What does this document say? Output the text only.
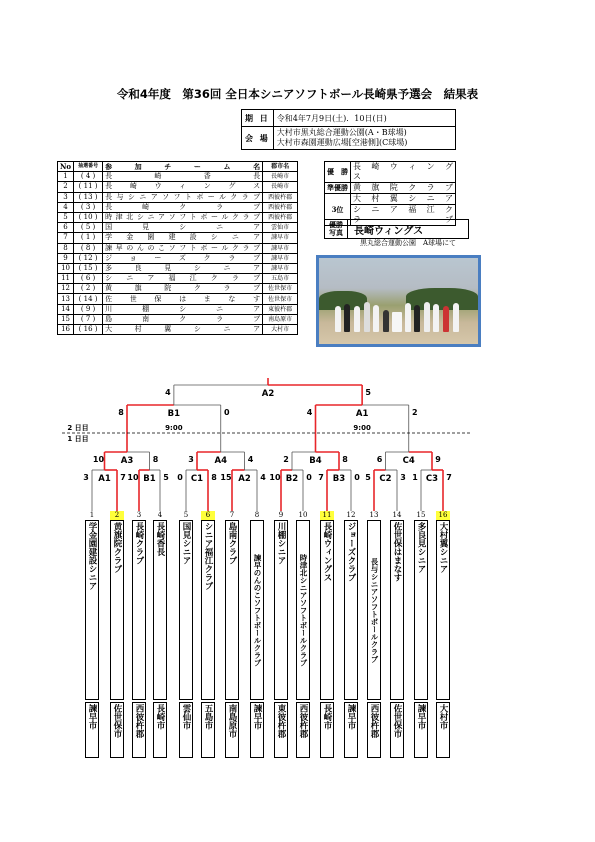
令和4年度　第36回 全日本シニアソフトボール長崎県予選会　結果表
期 日	令和4年7月9日(土)．10日(日)
会 場	大村市黒丸総合運動公園(A・B球場)
大村市森園運動広場[空港側](C球場)
No	抽選番号	参　加　チ　ー　ム　名	郡市名
1	( 4 )	長　崎　香　長	長崎市
2	( 11 )	長崎ウィングス	長崎市
3	( 13 )	長与シニアソフトボールクラブ	西彼杵郡
4	( 3 )	長　崎　ク　ラ　ブ	西彼杵郡
5	( 10 )	時津北シニアソフトボールクラブ	西彼杵郡
6	( 5 )	国　見　シ　ニ　ア	雲仙市
7	( 1 )	学　金　園　建　設　シ　ニ　ア	諫早市
8	( 8 )	諫早のんのこソフトボールクラブ	諫早市
9	( 12 )	ジョーズクラブ	諫早市
10	( 15 )	多　良　見　シ　ニ　ア	諫早市
11	( 6 )	シニア福江クラブ	五島市
12	( 2 )	黄　旗　院　ク　ラ　ブ	佐世保市
13	( 14 )	佐　世　保　は　ま　な　す	佐世保市
14	( 9 )	川　棚　シ　ニ　ア	東彼杵郡
15	( 7 )	島　南　ク　ラ　ブ	南島原市
16	( 16 )	大　村　翼　シ　ニ　ア	大村市
優　勝	長　崎　ウ　ィ　ン　グ　ス
準優勝	黄　旗　院　ク　ラ　ブ
3位	大　村　翼　シ　ニ　ア
	シ　ニ　ア　福　江　ク　ラ　ブ
優勝写真	長崎ウィングス
黒丸総合運動公園　A球場にて
3	7
A1 10	5
B1	0	8
C1 15	4
A2 10	0
B2	7	0
B3	5	3
C2	1	7
C3
10	8
A3	3	4
A4	2	8
B4	6	9
C4
8	0
B1	4	2
A1
9:00	9:00
4	5
A2
2 日目
1 日目
1
学金園建設シニア
諫早市
2
黄旗院クラブ
佐世保市
3
長崎クラブ
西彼杵郡
4
長崎香長
長崎市
5
国見シニア
雲仙市
6
シニア福江クラブ
五島市
7
島南クラブ
南島原市
8
諫早のんのこソフトボールクラブ
諫早市
9
川棚シニア
東彼杵郡
10
時津北シニアソフトボールクラブ
西彼杵郡
11
長崎ウィングス
長崎市
12
ジョーズクラブ
諫早市
13
長与シニアソフトボールクラブ
西彼杵郡
14
佐世保はまなす
佐世保市
15
多良見シニア
諫早市
16
大村翼シニア
大村市
